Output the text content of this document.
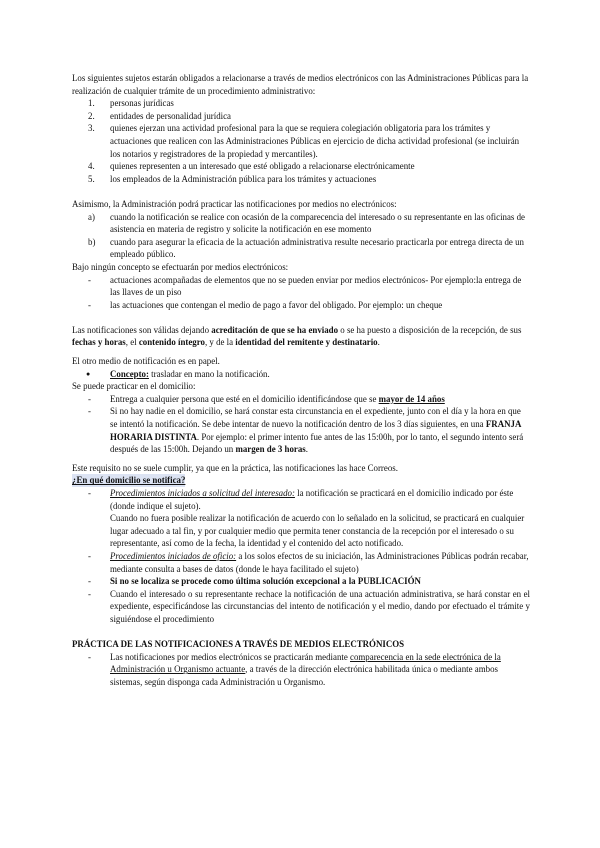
Los siguientes sujetos estarán obligados a relacionarse a través de medios electrónicos con las Administraciones Públicas para la realización de cualquier trámite de un procedimiento administrativo:

1. personas jurídicas
2. entidades de personalidad jurídica
3. quienes ejerzan una actividad profesional para la que se requiera colegiación obligatoria para los trámites y actuaciones que realicen con las Administraciones Públicas en ejercicio de dicha actividad profesional (se incluirán los notarios y registradores de la propiedad y mercantiles).
4. quienes representen a un interesado que esté obligado a relacionarse electrónicamente
5. los empleados de la Administración pública para los trámites y actuaciones

Asimismo, la Administración podrá practicar las notificaciones por medios no electrónicos:

a) cuando la notificación se realice con ocasión de la comparecencia del interesado o su representante en las oficinas de asistencia en materia de registro y solicite la notificación en ese momento
b) cuando para asegurar la eficacia de la actuación administrativa resulte necesario practicarla por entrega directa de un empleado público.

Bajo ningún concepto se efectuarán por medios electrónicos:

- actuaciones acompañadas de elementos que no se pueden enviar por medios electrónicos- Por ejemplo:la entrega de las llaves de un piso
- las actuaciones que contengan el medio de pago a favor del obligado. Por ejemplo: un cheque

Las notificaciones son válidas dejando acreditación de que se ha enviado o se ha puesto a disposición de la recepción, de sus fechas y horas, el contenido íntegro, y de la identidad del remitente y destinatario.

El otro medio de notificación es en papel.

● Concepto: trasladar en mano la notificación.

Se puede practicar en el domicilio:

- Entrega a cualquier persona que esté en el domicilio identificándose que se mayor de 14 años
- Si no hay nadie en el domicilio, se hará constar esta circunstancia en el expediente, junto con el día y la hora en que se intentó la notificación. Se debe intentar de nuevo la notificación dentro de los 3 días siguientes, en una FRANJA HORARIA DISTINTA. Por ejemplo: el primer intento fue antes de las 15:00h, por lo tanto, el segundo intento será después de las 15:00h. Dejando un margen de 3 horas.

Este requisito no se suele cumplir, ya que en la práctica, las notificaciones las hace Correos.

¿En qué domicilio se notifica?

- Procedimientos iniciados a solicitud del interesado: la notificación se practicará en el domicilio indicado por éste (donde indique el sujeto).
Cuando no fuera posible realizar la notificación de acuerdo con lo señalado en la solicitud, se practicará en cualquier lugar adecuado a tal fin, y por cualquier medio que permita tener constancia de la recepción por el interesado o su representante, así como de la fecha, la identidad y el contenido del acto notificado.
- Procedimientos iniciados de oficio: a los solos efectos de su iniciación, las Administraciones Públicas podrán recabar, mediante consulta a bases de datos (donde le haya facilitado el sujeto)
- Si no se localiza se procede como última solución excepcional a la PUBLICACIÓN
- Cuando el interesado o su representante rechace la notificación de una actuación administrativa, se hará constar en el expediente, especificándose las circunstancias del intento de notificación y el medio, dando por efectuado el trámite y siguiéndose el procedimiento

PRÁCTICA DE LAS NOTIFICACIONES A TRAVÉS DE MEDIOS ELECTRÓNICOS

- Las notificaciones por medios electrónicos se practicarán mediante comparecencia en la sede electrónica de la Administración u Organismo actuante, a través de la dirección electrónica habilitada única o mediante ambos sistemas, según disponga cada Administración u Organismo.
